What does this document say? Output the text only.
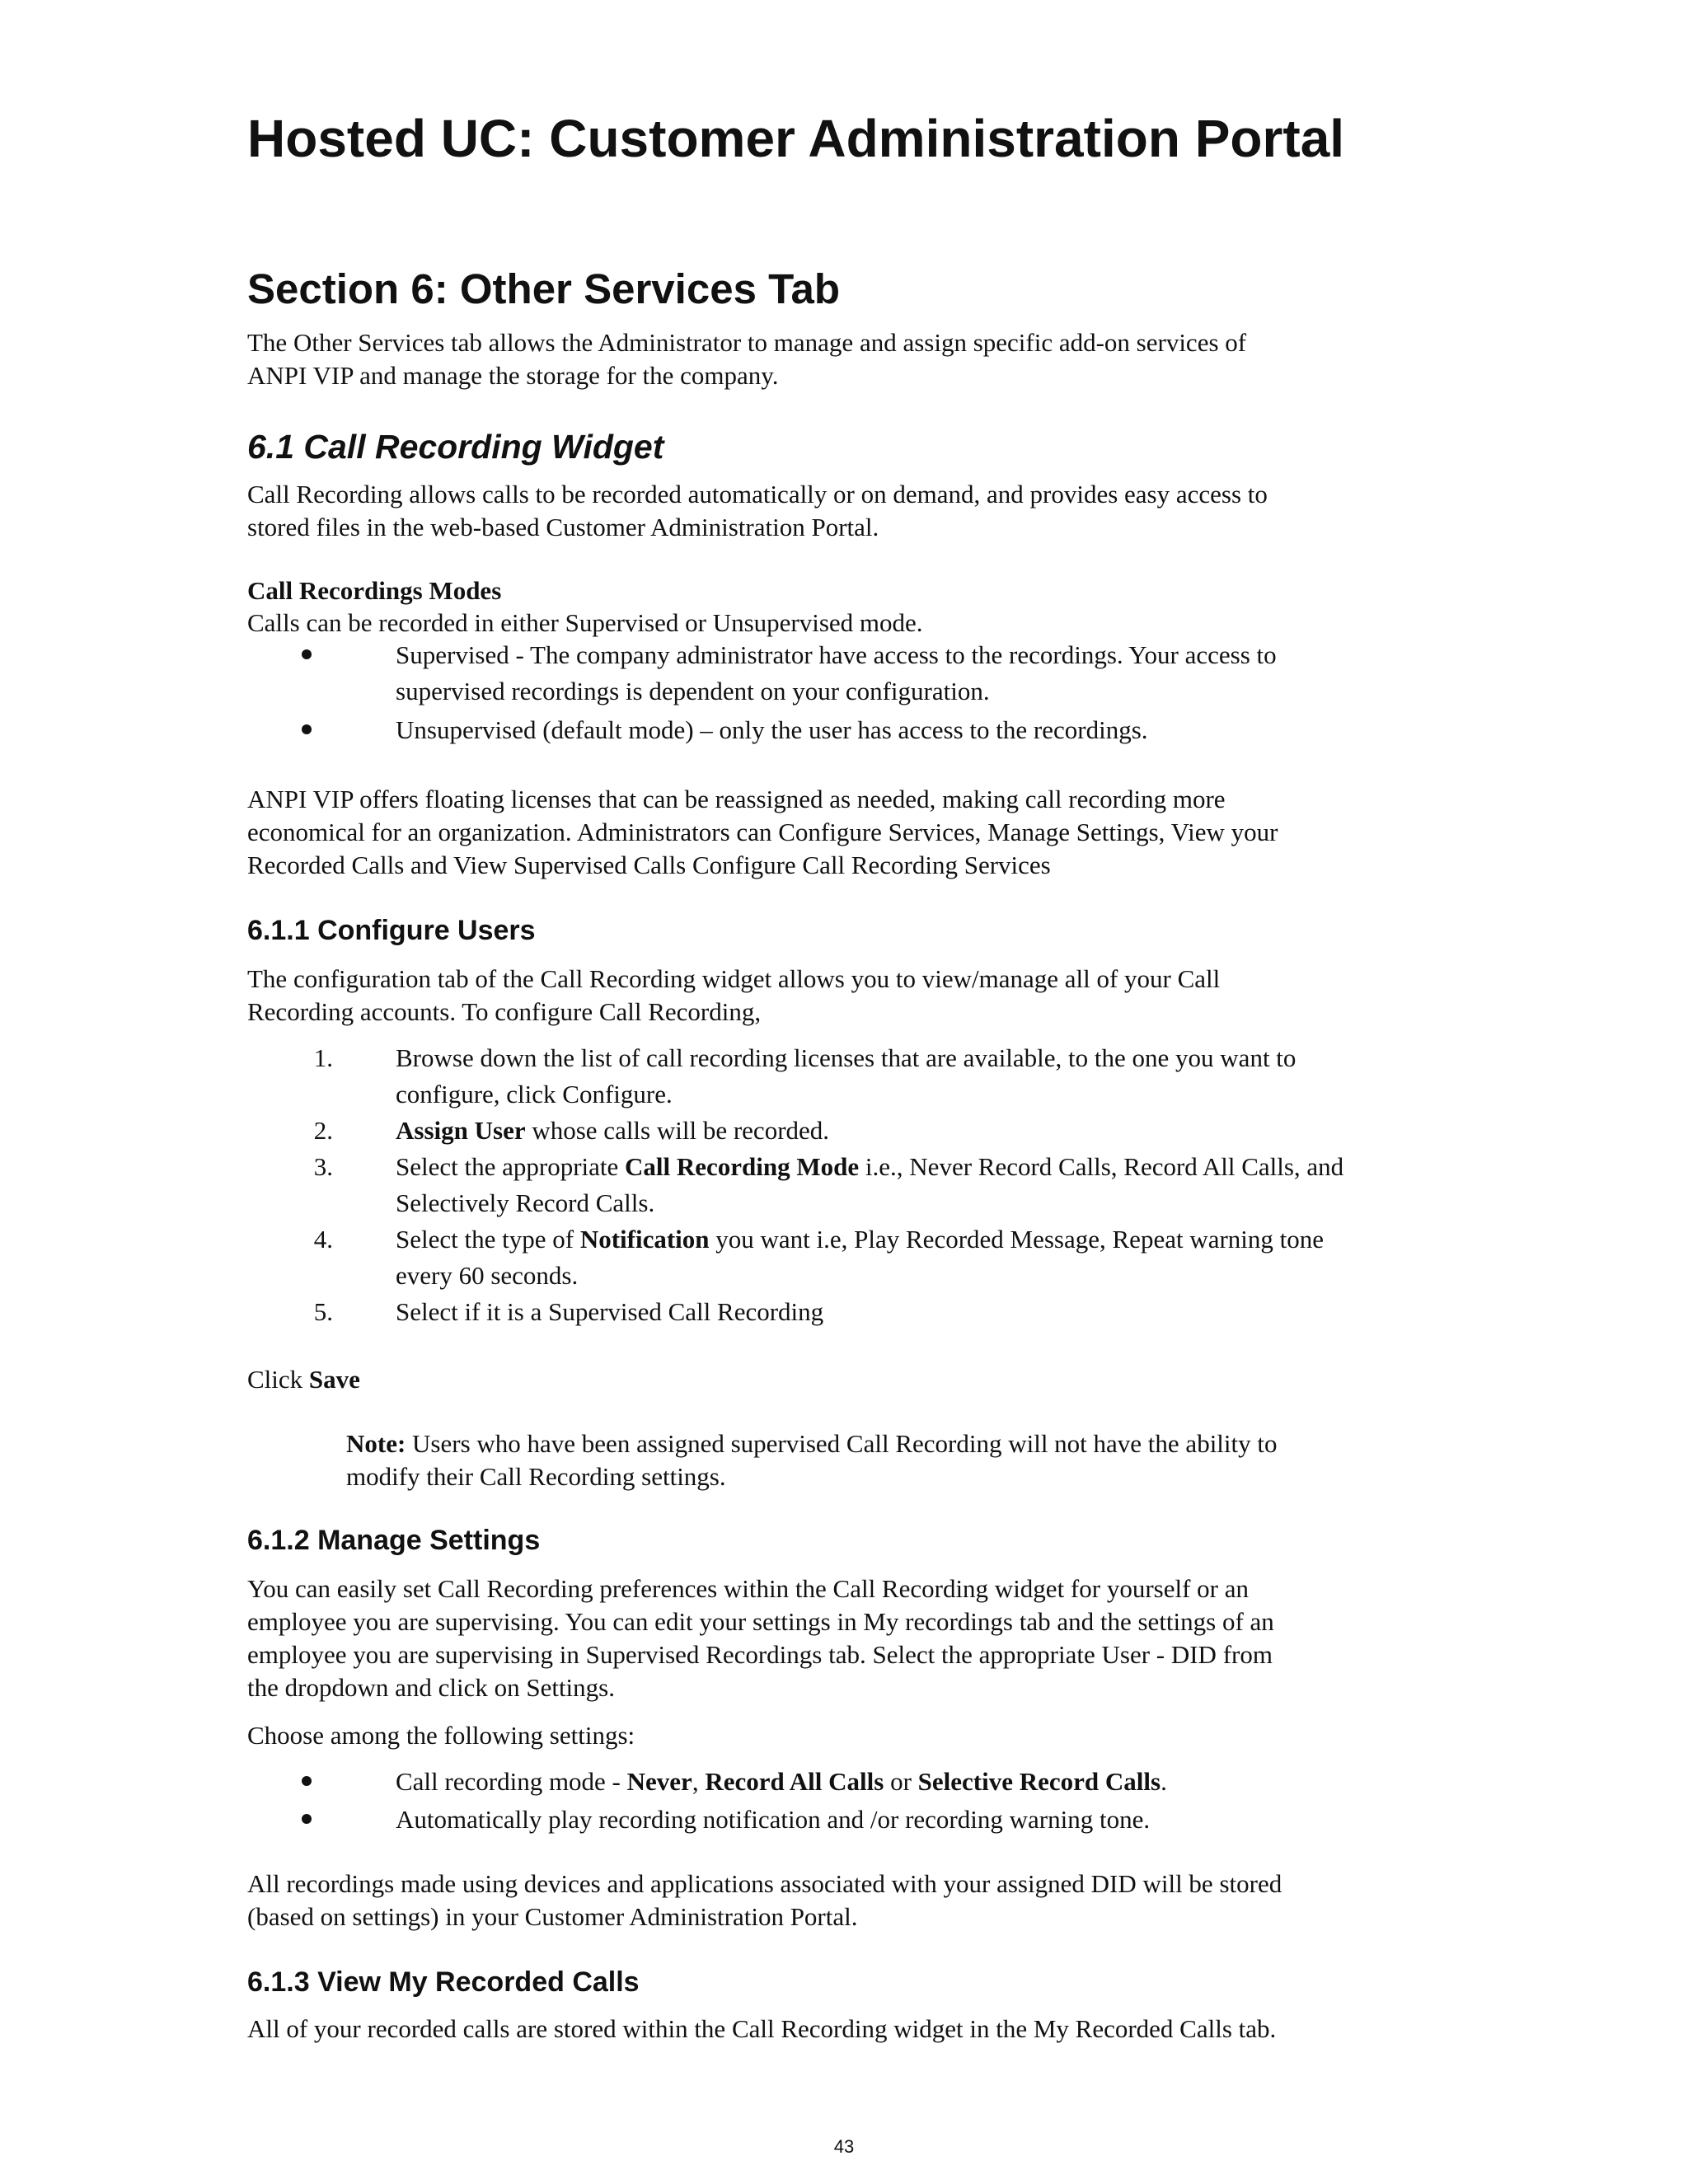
Hosted UC: Customer Administration Portal
Section 6: Other Services Tab

The Other Services tab allows the Administrator to manage and assign specific add-on services of

ANPI VIP and manage the storage for the company.

6.1 Call Recording Widget

Call Recording allows calls to be recorded automatically or on demand, and provides easy access to

stored files in the web-based Customer Administration Portal.

Call Recordings Modes

Calls can be recorded in either Supervised or Unsupervised mode.

Supervised - The company administrator have access to the recordings. Your access to
supervised recordings is dependent on your configuration.
Unsupervised (default mode) – only the user has access to the recordings.

ANPI VIP offers floating licenses that can be reassigned as needed, making call recording more

economical for an organization. Administrators can Configure Services, Manage Settings, View your

Recorded Calls and View Supervised Calls Configure Call Recording Services

6.1.1 Configure Users

The configuration tab of the Call Recording widget allows you to view/manage all of your Call

Recording accounts. To configure Call Recording,

1. Browse down the list of call recording licenses that are available, to the one you want to
configure, click Configure.
2. Assign User whose calls will be recorded.
3. Select the appropriate Call Recording Mode i.e., Never Record Calls, Record All Calls, and
Selectively Record Calls.
4. Select the type of Notification you want i.e, Play Recorded Message, Repeat warning tone
every 60 seconds.
5. Select if it is a Supervised Call Recording

Click Save

Note: Users who have been assigned supervised Call Recording will not have the ability to
modify their Call Recording settings.
6.1.2 Manage Settings

You can easily set Call Recording preferences within the Call Recording widget for yourself or an

employee you are supervising. You can edit your settings in My recordings tab and the settings of an

employee you are supervising in Supervised Recordings tab. Select the appropriate User - DID from

the dropdown and click on Settings.

Choose among the following settings:

Call recording mode - Never, Record All Calls or Selective Record Calls.
Automatically play recording notification and /or recording warning tone.

All recordings made using devices and applications associated with your assigned DID will be stored

(based on settings) in your Customer Administration Portal.

6.1.3 View My Recorded Calls

All of your recorded calls are stored within the Call Recording widget in the My Recorded Calls tab.

43
